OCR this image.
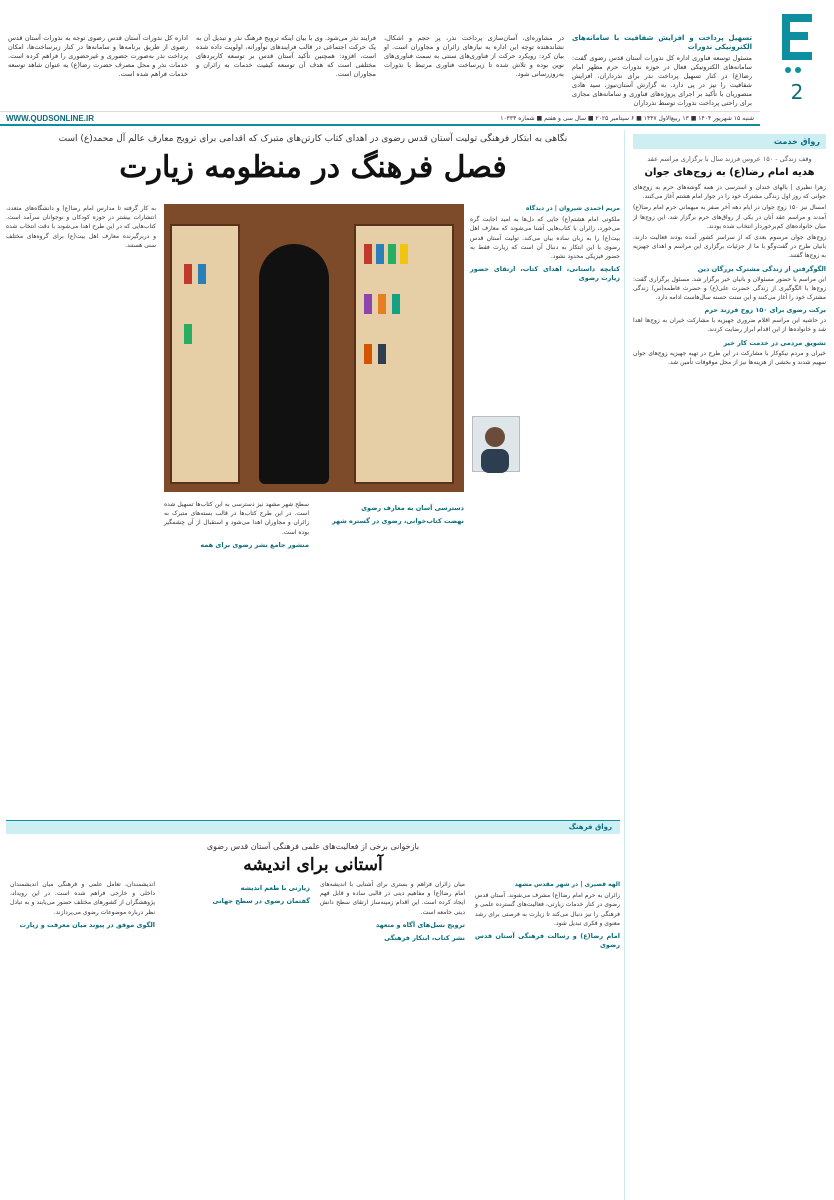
تسهیل پرداخت و افزایش شفافیت با سامانه‌های الکترونیکی نذورات
مسئول توسعه فناوری اداره کل نذورات آستان قدس رضوی گفت: سامانه‌های الکترونیکی فعال در حوزه نذورات حرم مطهر امام رضا(ع) در کنار تسهیل پرداخت نذر برای نذرداران، افزایش شفافیت را نیز در پی دارد. به گزارش آستان‌نیوز، سید هادی منصوریان با تأکید بر اجرای پروژه‌های فناوری و سامانه‌های مجازی برای راحتی پرداخت نذورات توسط نذرداران
در مشاوره‌ای، آسان‌سازی پرداخت نذر، پر حجم و اشکال، نشاندهنده توجه این اداره به نیازهای زائران و مجاوران است. او بیان کرد: رویکرد حرکت از فناوری‌های سنتی به سمت فناوری‌های نوین بوده و تلاش شده تا زیرساخت فناوری مرتبط با نذورات به‌روزرسانی شود.
فرایند نذر می‌شود. وی با بیان اینکه ترویج فرهنگ نذر و تبدیل آن به یک حرکت اجتماعی در قالب فرایندهای نوآورانه، اولویت داده شده است، افزود: همچنین تأکید آستان قدس بر توسعه کاربردهای مختلفی است که هدف آن توسعه کیفیت خدمات به زائران و مجاوران است.
اداره کل نذورات آستان قدس رضوی توجه به نذورات آستان قدس رضوی از طریق برنامه‌ها و سامانه‌ها در کنار زیرساخت‌ها، امکان پرداخت نذر به‌صورت حضوری و غیرحضوری را فراهم کرده است. خدمات نذر و محل مصرف حضرت رضا(ع) به عنوان شاهد توسعه خدمات فراهم شده است.
2
شنبه ۱۵ شهریور ۱۴۰۴ ■ ۱۳ ربیع‌الاول ۱۴۴۷ ■ ۶ سپتامبر ۲۰۲۵ ■ سال سی و هفتم ■ شماره ۱۰۳۳۴
WWW.QUDSONLINE.IR
رواق خدمت
وقف زندگی - ۱۵۰ عروس فرزند سال با برگزاری مراسم عقد
هدیه امام رضا(ع) به زوج‌های جوان

زهرا نظیری | بالهای خندان و استرسی در همه گوشه‌های حرم به زوج‌های جوانی که روز اول زندگی مشترک خود را در جوار امام هشتم آغاز می‌کنند.

امسال نیز ۱۵۰ زوج جوان در ایام دهه آخر صفر به میهمانی حرم امام رضا(ع) آمدند و مراسم عقد آنان در یکی از رواق‌های حرم برگزار شد. این زوج‌ها از میان خانواده‌های کم‌برخوردار انتخاب شده بودند.

زوج‌های جوان مرسوم بعدی که از سراسر کشور آمده بودند فعالیت دارند. بانیان طرح در گفت‌وگو با ما از جزئیات برگزاری این مراسم و اهدای جهیزیه به زوج‌ها گفتند.

الگوگرفتن از زندگی مشترک بزرگان دین

این مراسم با حضور مسئولان و بانیان خیر برگزار شد. مسئول برگزاری گفت: زوج‌ها با الگوگیری از زندگی حضرت علی(ع) و حضرت فاطمه(س) زندگی مشترک خود را آغاز می‌کنند و این سنت حسنه سال‌هاست ادامه دارد.

برکت رضوی برای ۱۵۰ زوج فرزند حرم

در حاشیه این مراسم اقلام ضروری جهیزیه با مشارکت خیران به زوج‌ها اهدا شد و خانواده‌ها از این اقدام ابراز رضایت کردند.

تشویق مردمی در خدمت کار خیر

خیران و مردم نیکوکار با مشارکت در این طرح در تهیه جهیزیه زوج‌های جوان سهیم شدند و بخشی از هزینه‌ها نیز از محل موقوفات تأمین شد.

نگاهی به ابتکار فرهنگی تولیت آستان قدس رضوی در اهدای کتاب کارتن‌های متبرک که اقدامی برای ترویج معارف عالم آل محمد(ع) است
فصل فرهنگ در منظومه زیارت
مریم احمدی شیروان | در دیدگاه
ملکوتی امام هشتم(ع) جایی که دل‌ها به امید اجابت گره می‌خورد، زائران با کتاب‌هایی آشنا می‌شوند که معارف اهل بیت(ع) را به زبان ساده بیان می‌کند. تولیت آستان قدس رضوی با این ابتکار به دنبال آن است که زیارت فقط به حضور فیزیکی محدود نشود.
کتابچه داستانی، اهدای کتاب، ارتقای حضور زیارت رضوی
به کار گرفته تا مدارس امام رضا(ع) و دانشگاه‌های متعدد، انتشارات بیشتر در حوزه کودکان و نوجوانان سرآمد است. کتاب‌هایی که در این طرح اهدا می‌شوند با دقت انتخاب شده و دربرگیرنده معارف اهل بیت(ع) برای گروه‌های مختلف سنی هستند.
سطح شهر مشهد نیز دسترسی به این کتاب‌ها تسهیل شده است. در این طرح کتاب‌ها در قالب بسته‌های متبرک به زائران و مجاوران اهدا می‌شود و استقبال از آن چشمگیر بوده است.
منشور جامع نشر رضوی برای همه
دسترسی آسان به معارف رضوی
نهضت کتاب‌خوانی، رضوی در گستره شهر
رواق فرهنگ
بازخوانی برخی از فعالیت‌های علمی فرهنگی آستان قدس رضوی
آستانی برای اندیشه
الهه قصیری | در شهر مقدس مشهد
زائران به حرم امام رضا(ع) مشرف می‌شوند. آستان قدس رضوی در کنار خدمات زیارتی، فعالیت‌های گسترده علمی و فرهنگی را نیز دنبال می‌کند تا زیارت به فرصتی برای رشد معنوی و فکری تبدیل شود.
امام رضا(ع) و رسالت فرهنگی آستان قدس رضوی
میان زائران فراهم و بستری برای آشنایی با اندیشه‌های امام رضا(ع) و مفاهیم دینی در قالبی ساده و قابل فهم ایجاد کرده است. این اقدام زمینه‌ساز ارتقای سطح دانش دینی جامعه است.
ترویج نسل‌های آگاه و متعهد
نشر کتاب، ابتکار فرهنگی
زیارتی با طعم اندیشه
گفتمان رضوی در سطح جهانی
اندیشمندان، تعامل علمی و فرهنگی میان اندیشمندان داخلی و خارجی فراهم شده است. در این رویداد، پژوهشگران از کشورهای مختلف حضور می‌یابند و به تبادل نظر درباره موضوعات رضوی می‌پردازند.
الگوی موفق در پیوند میان معرفت و زیارت
